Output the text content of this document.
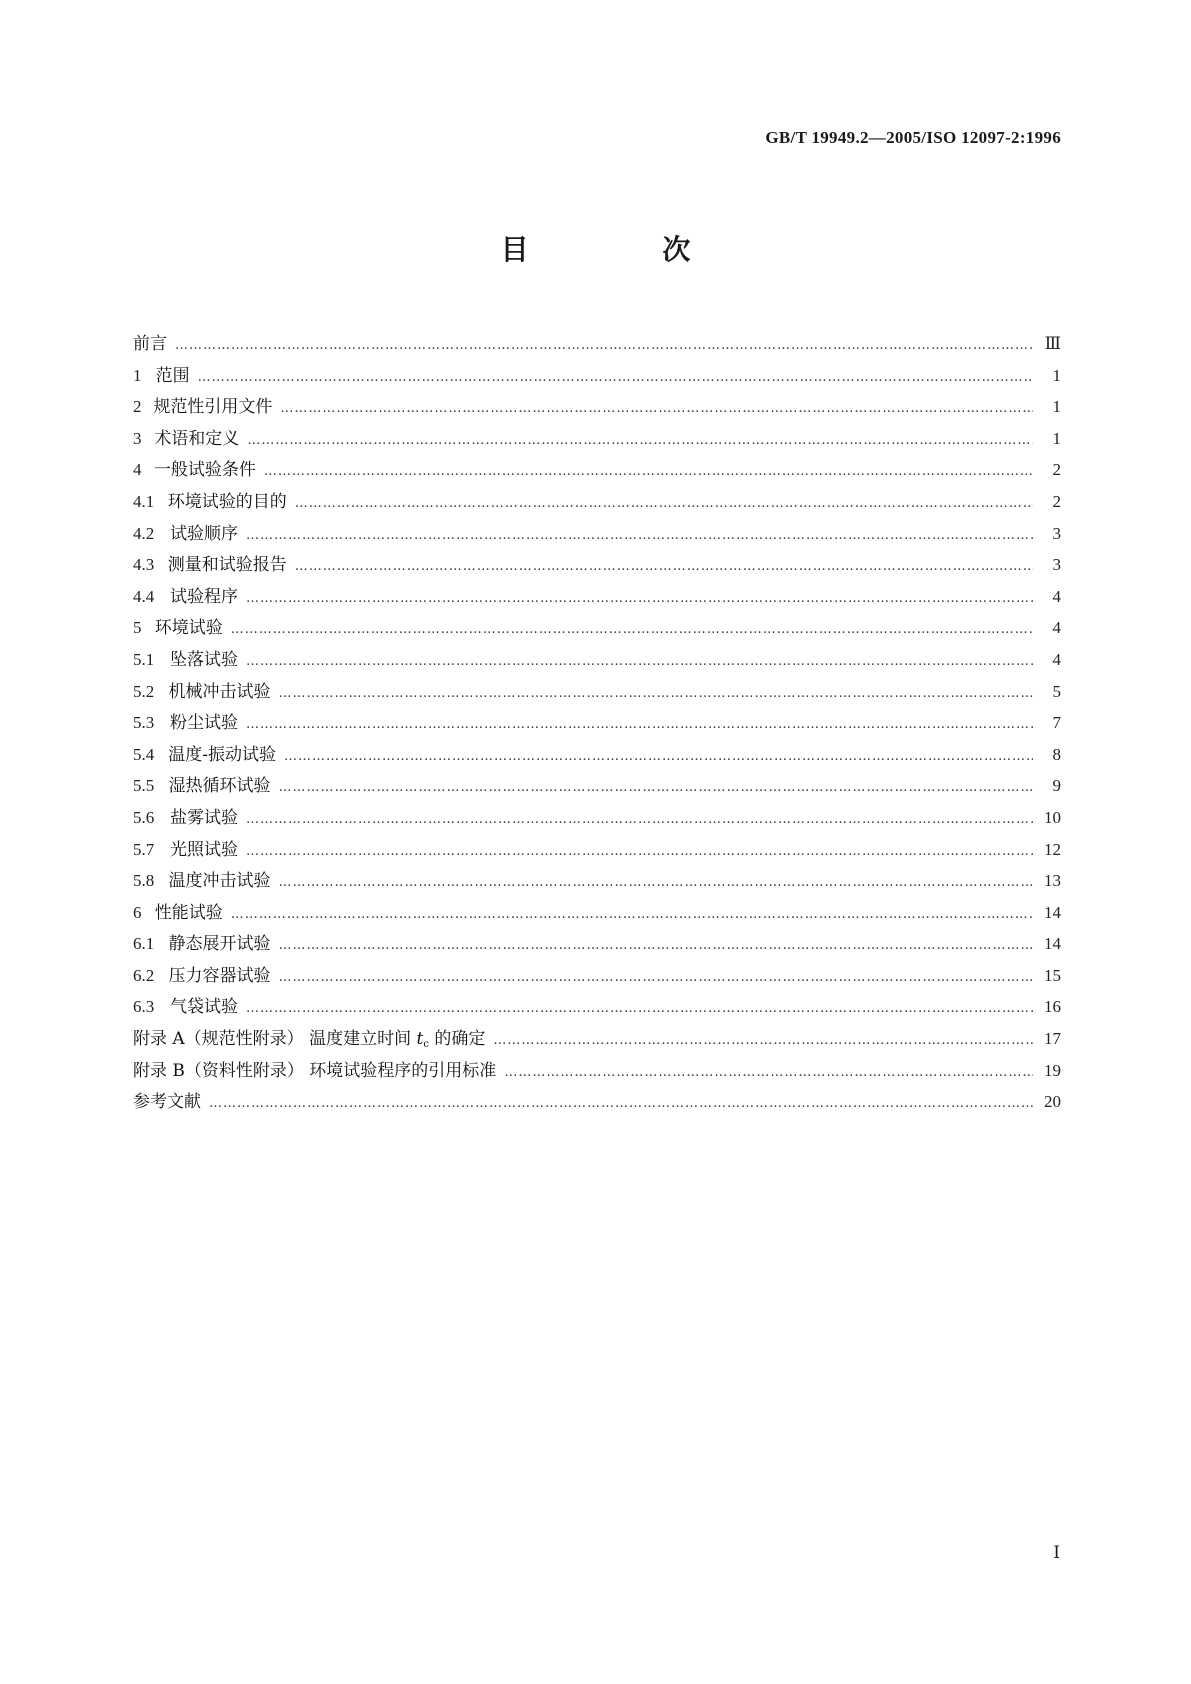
GB/T 19949.2—2005/ISO 12097-2:1996
目 次
前言 …………………………………………………………………………………………………………………………………………………………………………………………………………………	Ⅲ
1 范围 …………………………………………………………………………………………………………………………………………………………………………………………………………………	1
2 规范性引用文件 …………………………………………………………………………………………………………………………………………………………………………………………………………………	1
3 术语和定义 …………………………………………………………………………………………………………………………………………………………………………………………………………………	1
4 一般试验条件 …………………………………………………………………………………………………………………………………………………………………………………………………………………	2
4.1 环境试验的目的 …………………………………………………………………………………………………………………………………………………………………………………………………………………	2
4.2 试验顺序 …………………………………………………………………………………………………………………………………………………………………………………………………………………	3
4.3 测量和试验报告 …………………………………………………………………………………………………………………………………………………………………………………………………………………	3
4.4 试验程序 …………………………………………………………………………………………………………………………………………………………………………………………………………………	4
5 环境试验 …………………………………………………………………………………………………………………………………………………………………………………………………………………	4
5.1 坠落试验 …………………………………………………………………………………………………………………………………………………………………………………………………………………	4
5.2 机械冲击试验 …………………………………………………………………………………………………………………………………………………………………………………………………………………	5
5.3 粉尘试验 …………………………………………………………………………………………………………………………………………………………………………………………………………………	7
5.4 温度-振动试验 …………………………………………………………………………………………………………………………………………………………………………………………………………………	8
5.5 湿热循环试验 …………………………………………………………………………………………………………………………………………………………………………………………………………………	9
5.6 盐雾试验 …………………………………………………………………………………………………………………………………………………………………………………………………………………	10
5.7 光照试验 …………………………………………………………………………………………………………………………………………………………………………………………………………………	12
5.8 温度冲击试验 …………………………………………………………………………………………………………………………………………………………………………………………………………………	13
6 性能试验 …………………………………………………………………………………………………………………………………………………………………………………………………………………	14
6.1 静态展开试验 …………………………………………………………………………………………………………………………………………………………………………………………………………………	14
6.2 压力容器试验 …………………………………………………………………………………………………………………………………………………………………………………………………………………	15
6.3 气袋试验 …………………………………………………………………………………………………………………………………………………………………………………………………………………	16
附录 A（规范性附录） 温度建立时间 tc 的确定 …………………………………………………………………………………………………………………………………………………………………………………………………………………	17
附录 B（资料性附录） 环境试验程序的引用标准 …………………………………………………………………………………………………………………………………………………………………………………………………………………	19
参考文献 …………………………………………………………………………………………………………………………………………………………………………………………………………………	20
Ⅰ
